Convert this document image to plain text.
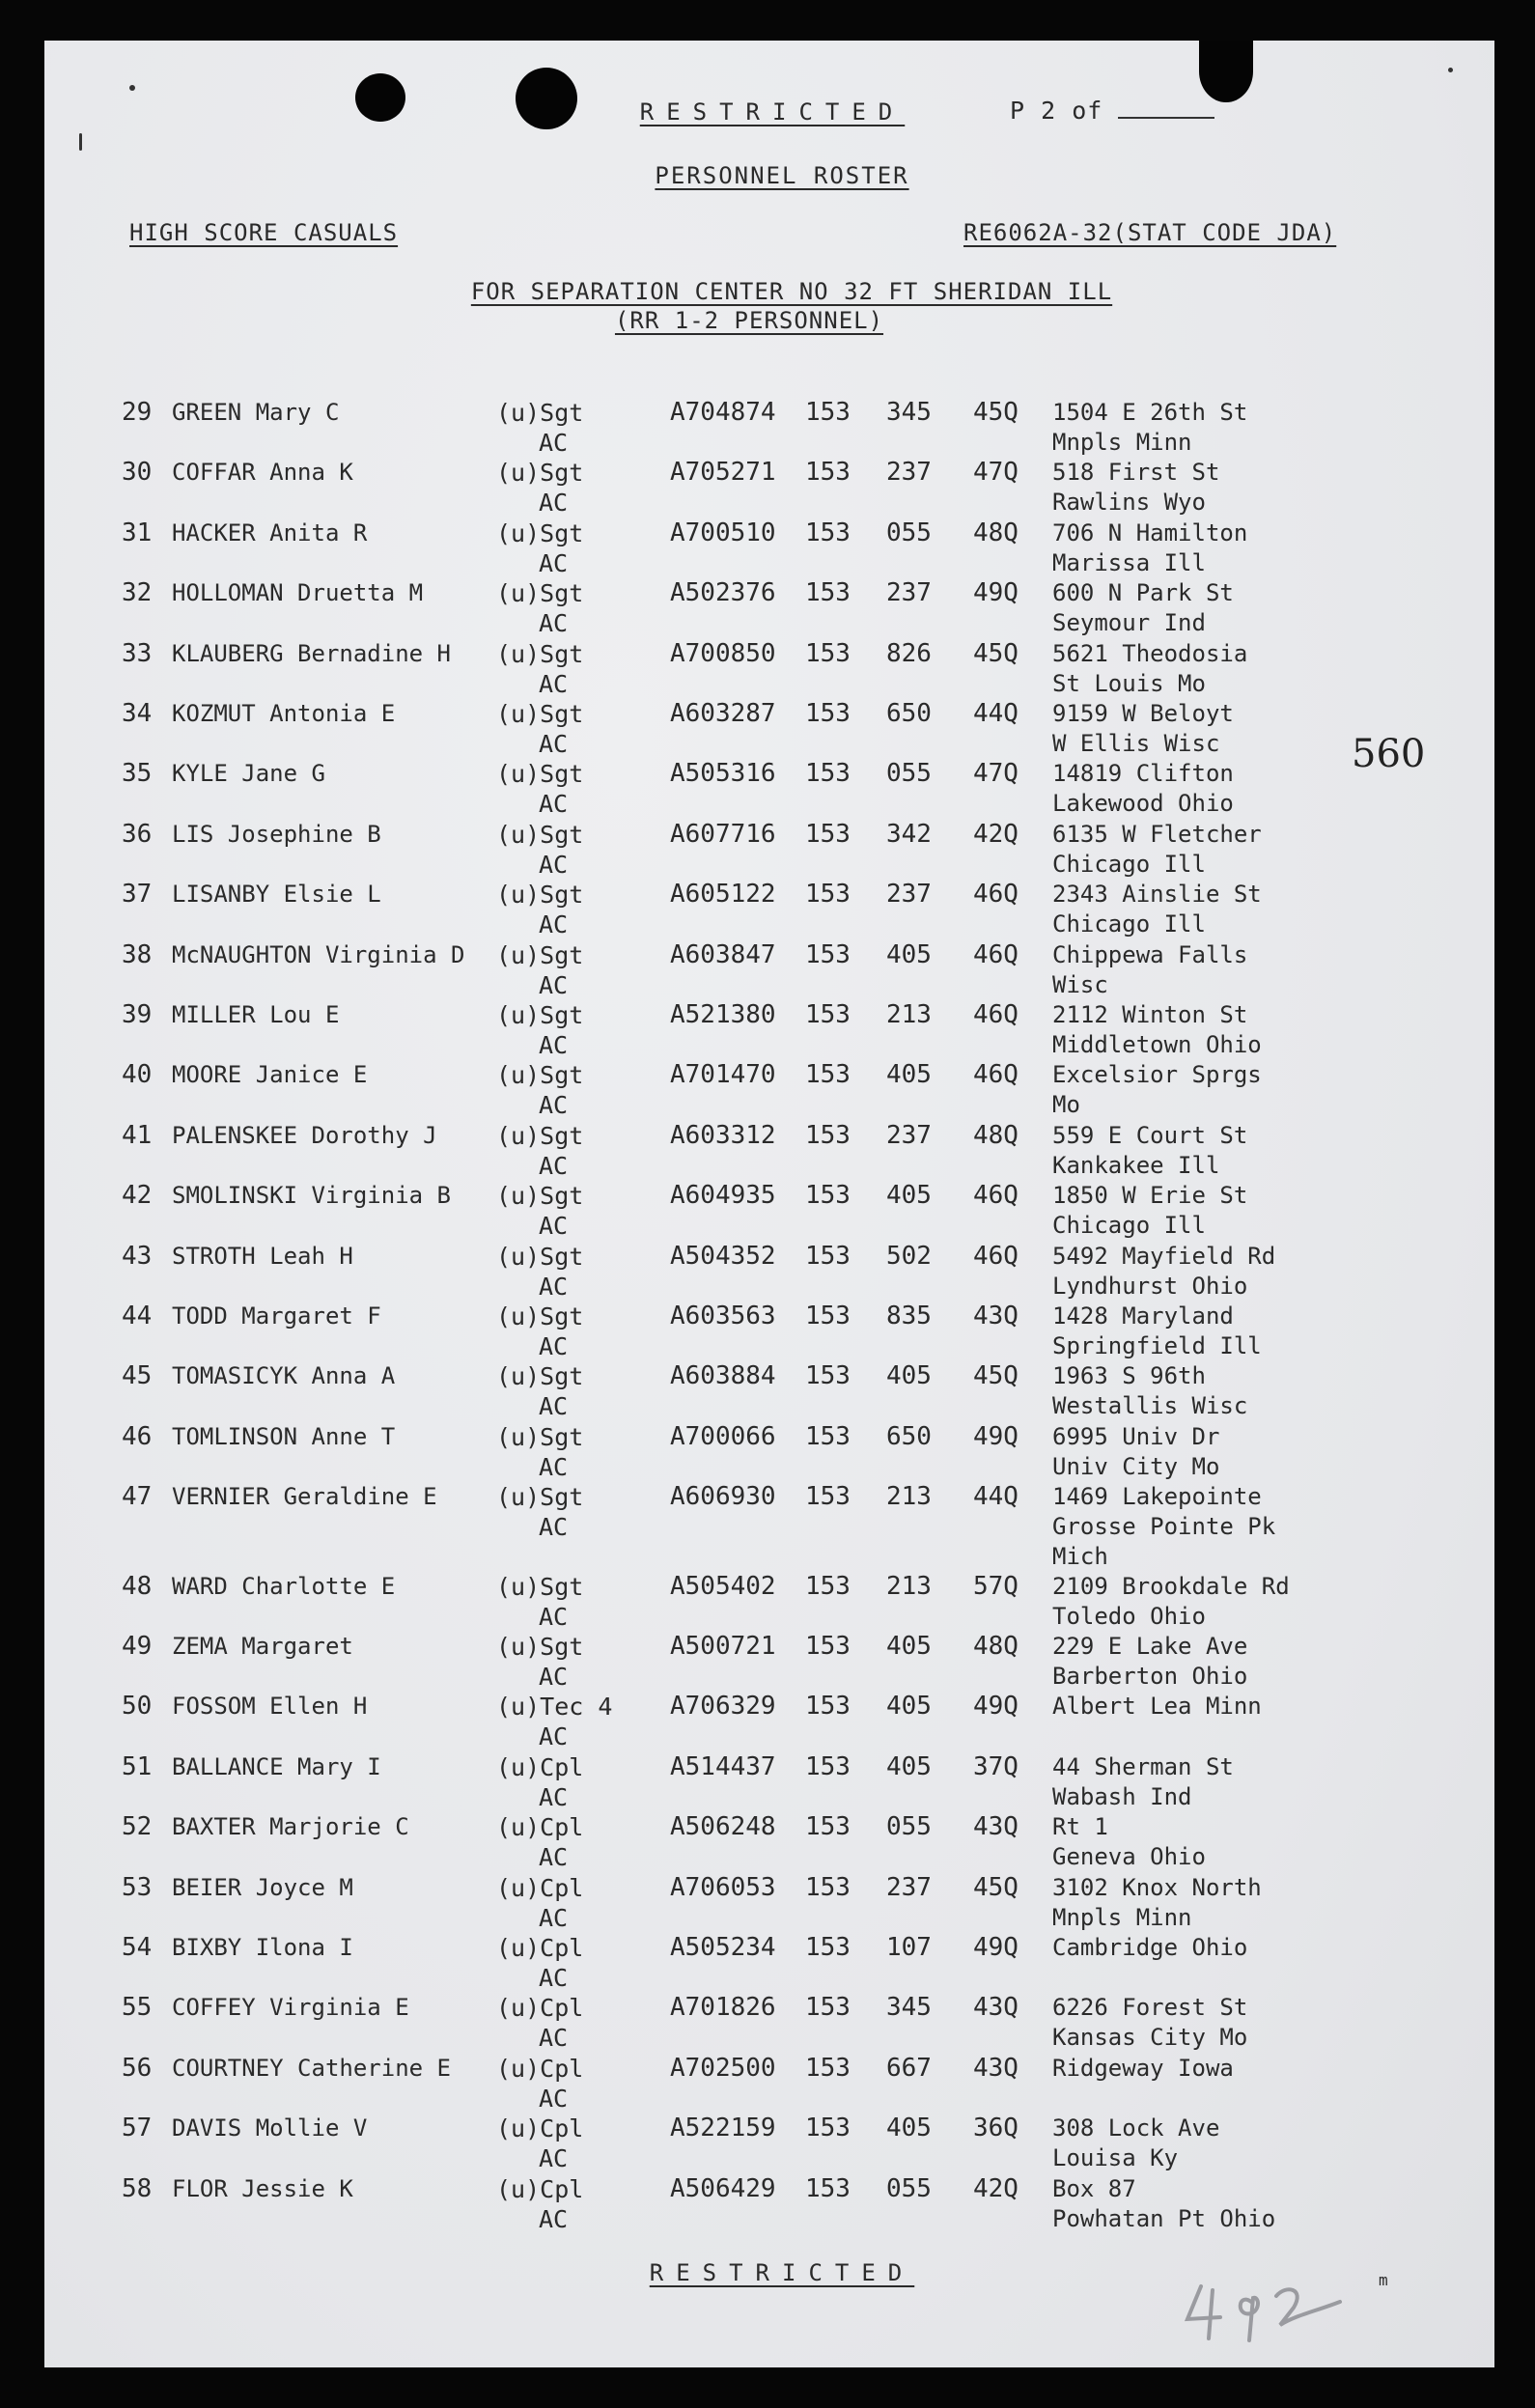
RESTRICTED	P 2 of
PERSONNEL ROSTER
HIGH SCORE CASUALS	RE6062A-32(STAT CODE JDA)
FOR SEPARATION CENTER NO 32 FT SHERIDAN ILL
(RR 1-2 PERSONNEL)
29 GREEN Mary C	(u)Sgt	A704874 153 345 45Q 1504 E 26th St
AC	Mnpls Minn
30 COFFAR Anna K	(u)Sgt	A705271 153 237 47Q 518 First St
AC	Rawlins Wyo
31 HACKER Anita R	(u)Sgt	A700510 153 055 48Q 706 N Hamilton
AC	Marissa Ill
32 HOLLOMAN Druetta M	(u)Sgt	A502376 153 237 49Q 600 N Park St
AC	Seymour Ind
33 KLAUBERG Bernadine H (u)Sgt	A700850 153 826 45Q 5621 Theodosia
AC	St Louis Mo
34 KOZMUT Antonia E	(u)Sgt	A603287 153 650 44Q 9159 W Beloyt
AC	W Ellis Wisc
35 KYLE Jane G	(u)Sgt	A505316 153 055 47Q 14819 Clifton
AC	Lakewood Ohio
36 LIS Josephine B	(u)Sgt	A607716 153 342 42Q 6135 W Fletcher
AC	Chicago Ill
37 LISANBY Elsie L	(u)Sgt	A605122 153 237 46Q 2343 Ainslie St
AC	Chicago Ill
38 McNAUGHTON Virginia D (u)Sgt	A603847 153 405 46Q Chippewa Falls
AC	Wisc
39 MILLER Lou E	(u)Sgt	A521380 153 213 46Q 2112 Winton St
AC	Middletown Ohio
40 MOORE Janice E	(u)Sgt	A701470 153 405 46Q Excelsior Sprgs
AC	Mo
41 PALENSKEE Dorothy J (u)Sgt	A603312 153 237 48Q 559 E Court St
AC	Kankakee Ill
42 SMOLINSKI Virginia B (u)Sgt	A604935 153 405 46Q 1850 W Erie St
AC	Chicago Ill
43 STROTH Leah H	(u)Sgt	A504352 153 502 46Q 5492 Mayfield Rd
AC	Lyndhurst Ohio
44 TODD Margaret F	(u)Sgt	A603563 153 835 43Q 1428 Maryland
AC	Springfield Ill
45 TOMASICYK Anna A	(u)Sgt	A603884 153 405 45Q 1963 S 96th
AC	Westallis Wisc
46 TOMLINSON Anne T	(u)Sgt	A700066 153 650 49Q 6995 Univ Dr
AC	Univ City Mo
47 VERNIER Geraldine E (u)Sgt	A606930 153 213 44Q 1469 Lakepointe
AC	Grosse Pointe Pk
Mich
48 WARD Charlotte E	(u)Sgt	A505402 153 213 57Q 2109 Brookdale Rd
AC	Toledo Ohio
49 ZEMA Margaret	(u)Sgt	A500721 153 405 48Q 229 E Lake Ave
AC	Barberton Ohio
50 FOSSOM Ellen H	(u)Tec 4 A706329 153 405 49Q Albert Lea Minn
AC
51 BALLANCE Mary I	(u)Cpl	A514437 153 405 37Q 44 Sherman St
AC	Wabash Ind
52 BAXTER Marjorie C	(u)Cpl	A506248 153 055 43Q Rt 1
AC	Geneva Ohio
53 BEIER Joyce M	(u)Cpl	A706053 153 237 45Q 3102 Knox North
AC	Mnpls Minn
54 BIXBY Ilona I	(u)Cpl	A505234 153 107 49Q Cambridge Ohio
AC
55 COFFEY Virginia E	(u)Cpl	A701826 153 345 43Q 6226 Forest St
AC	Kansas City Mo
56 COURTNEY Catherine E (u)Cpl	A702500 153 667 43Q Ridgeway Iowa
AC
57 DAVIS Mollie V	(u)Cpl	A522159 153 405 36Q 308 Lock Ave
AC	Louisa Ky
58 FLOR Jessie K	(u)Cpl	A506429 153 055 42Q Box 87
AC	Powhatan Pt Ohio
RESTRICTED
560
m
